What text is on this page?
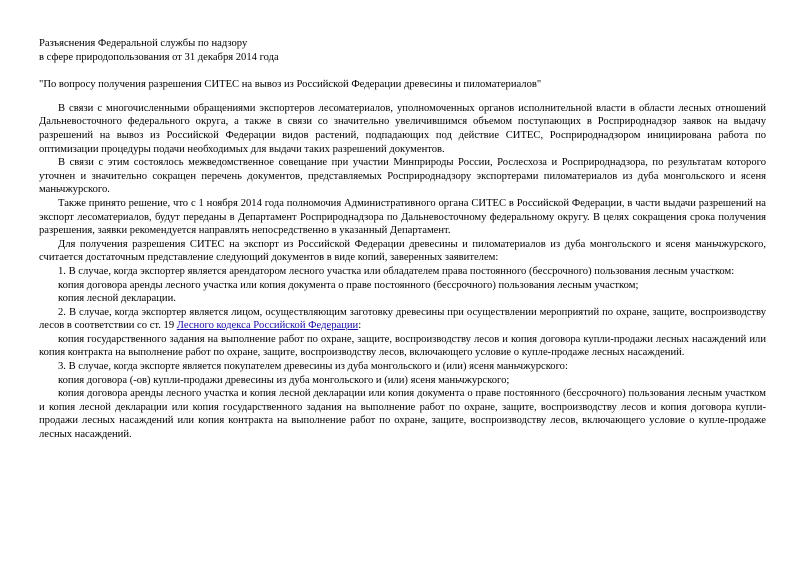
Разъяснения Федеральной службы по надзору
в сфере природопользования от 31 декабря 2014 года
"По вопросу получения разрешения СИТЕС на вывоз из Российской Федерации древесины и пиломатериалов"

В связи с многочисленными обращениями экспортеров лесоматериалов, уполномоченных органов исполнительной власти в области лесных отношений Дальневосточного федерального округа, а также в связи со значительно увеличившимся объемом поступающих в Росприроднадзор заявок на выдачу разрешений на вывоз из Российской Федерации видов растений, подпадающих под действие СИТЕС, Росприроднадзором инициирована работа по оптимизации процедуры подачи необходимых для выдачи таких разрешений документов.

В связи с этим состоялось межведомственное совещание при участии Минприроды России, Рослесхоза и Росприроднадзора, по результатам которого уточнен и значительно сокращен перечень документов, представляемых Росприроднадзору экспортерами пиломатериалов из дуба монгольского и ясеня маньчжурского.

Также принято решение, что с 1 ноября 2014 года полномочия Административного органа СИТЕС в Российской Федерации, в части выдачи разрешений на экспорт лесоматериалов, будут переданы в Департамент Росприроднадзора по Дальневосточному федеральному округу. В целях сокращения срока получения разрешения, заявки рекомендуется направлять непосредственно в указанный Департамент.

Для получения разрешения СИТЕС на экспорт из Российской Федерации древесины и пиломатериалов из дуба монгольского и ясеня маньчжурского, считается достаточным представление следующий документов в виде копий, заверенных заявителем:

1. В случае, когда экспортер является арендатором лесного участка или обладателем права постоянного (бессрочного) пользования лесным участком:

копия договора аренды лесного участка или копия документа о праве постоянного (бессрочного) пользования лесным участком;

копия лесной декларации.

2. В случае, когда экспортер является лицом, осуществляющим заготовку древесины при осуществлении мероприятий по охране, защите, воспроизводству лесов в соответствии со ст. 19 Лесного кодекса Российской Федерации:

копия государственного задания на выполнение работ по охране, защите, воспроизводству лесов и копия договора купли-продажи лесных насаждений или копия контракта на выполнение работ по охране, защите, воспроизводству лесов, включающего условие о купле-продаже лесных насаждений.

3. В случае, когда экспорте является покупателем древесины из дуба монгольского и (или) ясеня маньчжурского:

копия договора (-ов) купли-продажи древесины из дуба монгольского и (или) ясеня маньчжурского;

копия договора аренды лесного участка и копия лесной декларации или копия документа о праве постоянного (бессрочного) пользования лесным участком и копия лесной декларации или копия государственного задания на выполнение работ по охране, защите, воспроизводству лесов и копия договора купли-продажи лесных насаждений или копия контракта на выполнение работ по охране, защите, воспроизводству лесов, включающего условие о купле-продаже лесных насаждений.
